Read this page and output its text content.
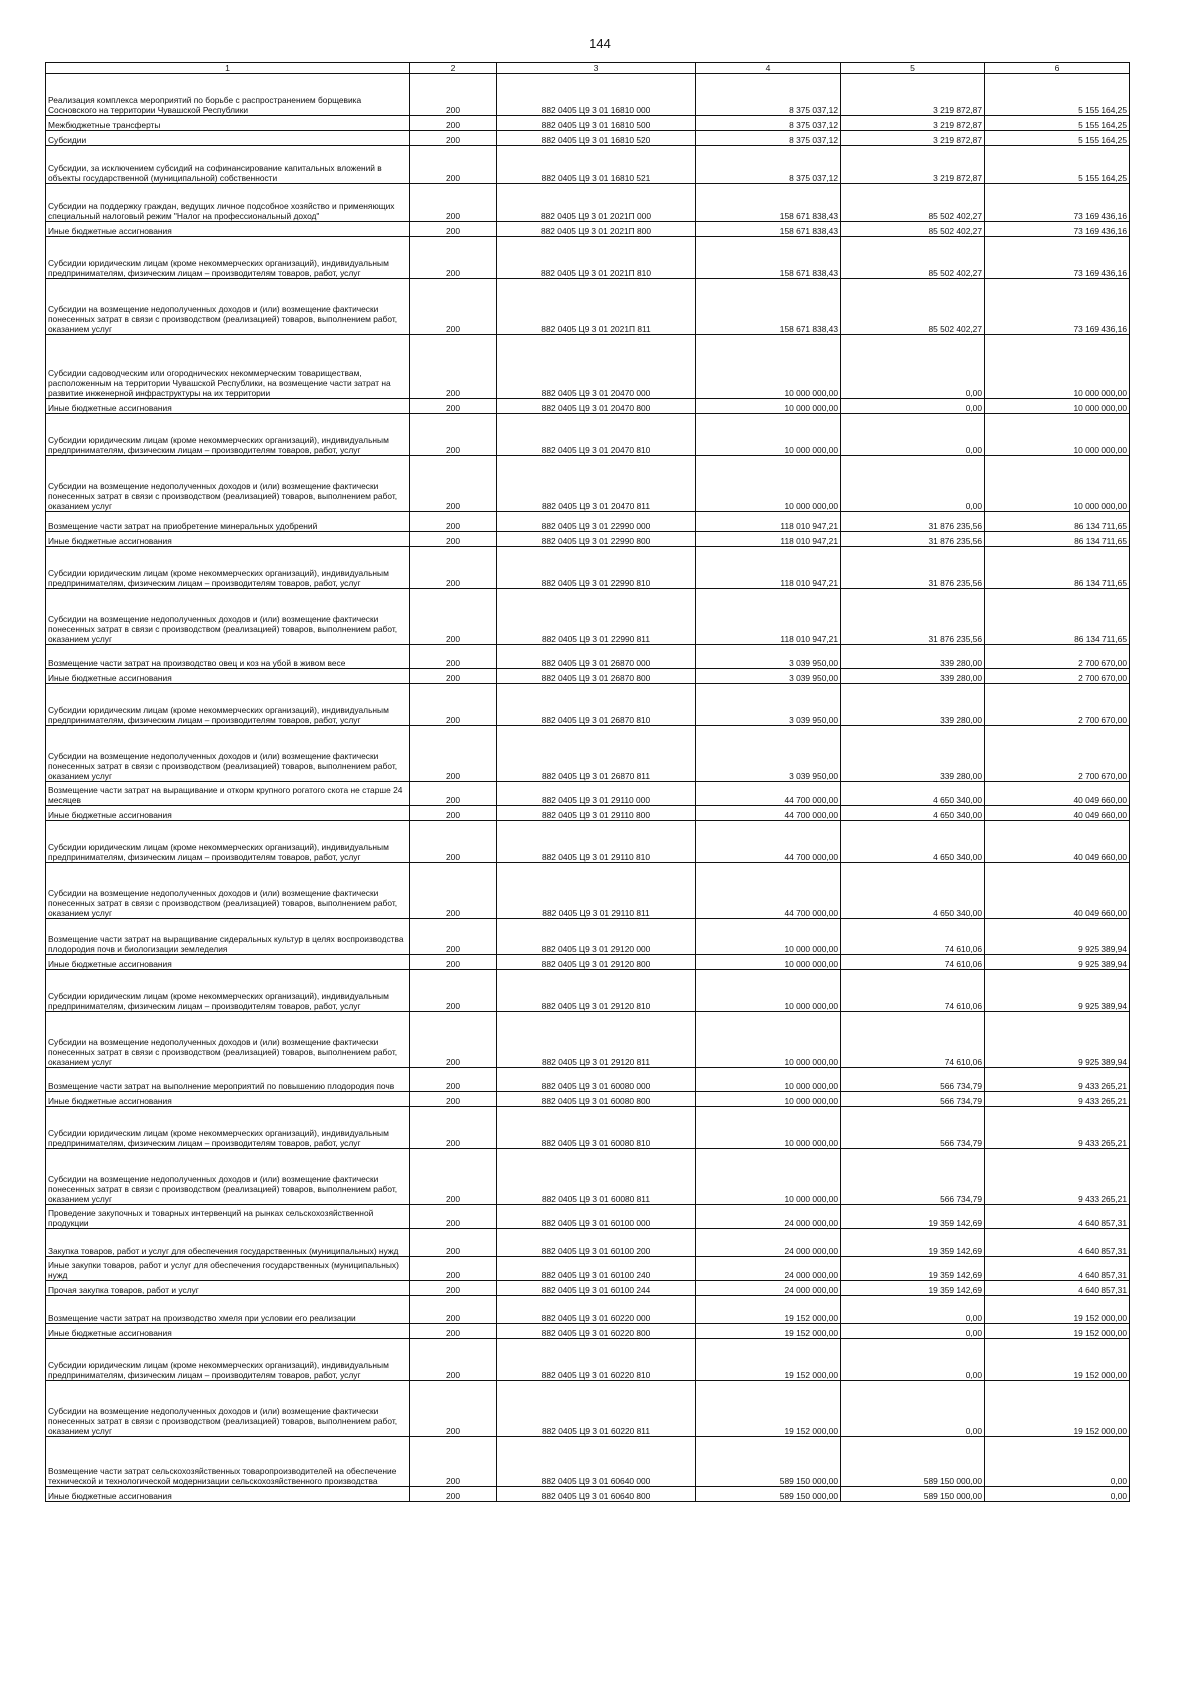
144
1	2	3	4	5	6
Реализация комплекса мероприятий по борьбе с распространением борщевика Сосновского на территории Чувашской Республики	200	882 0405 Ц9 3 01 16810 000	8 375 037,12	3 219 872,87	5 155 164,25
Межбюджетные трансферты	200	882 0405 Ц9 3 01 16810 500	8 375 037,12	3 219 872,87	5 155 164,25
Субсидии	200	882 0405 Ц9 3 01 16810 520	8 375 037,12	3 219 872,87	5 155 164,25
Субсидии, за исключением субсидий на софинансирование капитальных вложений в объекты государственной (муниципальной) собственности	200	882 0405 Ц9 3 01 16810 521	8 375 037,12	3 219 872,87	5 155 164,25
Субсидии на поддержку граждан, ведущих личное подсобное хозяйство и применяющих специальный налоговый режим "Налог на профессиональный доход"	200	882 0405 Ц9 3 01 2021П 000	158 671 838,43	85 502 402,27	73 169 436,16
Иные бюджетные ассигнования	200	882 0405 Ц9 3 01 2021П 800	158 671 838,43	85 502 402,27	73 169 436,16
Субсидии юридическим лицам (кроме некоммерческих организаций), индивидуальным предпринимателям, физическим лицам – производителям товаров, работ, услуг	200	882 0405 Ц9 3 01 2021П 810	158 671 838,43	85 502 402,27	73 169 436,16
Субсидии на возмещение недополученных доходов и (или) возмещение фактически понесенных затрат в связи с производством (реализацией) товаров, выполнением работ, оказанием услуг	200	882 0405 Ц9 3 01 2021П 811	158 671 838,43	85 502 402,27	73 169 436,16
Субсидии садоводческим или огороднических некоммерческим товариществам, расположенным на территории Чувашской Республики, на возмещение части затрат на развитие инженерной инфраструктуры на их территории	200	882 0405 Ц9 3 01 20470 000	10 000 000,00	0,00	10 000 000,00
Иные бюджетные ассигнования	200	882 0405 Ц9 3 01 20470 800	10 000 000,00	0,00	10 000 000,00
Субсидии юридическим лицам (кроме некоммерческих организаций), индивидуальным предпринимателям, физическим лицам – производителям товаров, работ, услуг	200	882 0405 Ц9 3 01 20470 810	10 000 000,00	0,00	10 000 000,00
Субсидии на возмещение недополученных доходов и (или) возмещение фактически понесенных затрат в связи с производством (реализацией) товаров, выполнением работ, оказанием услуг	200	882 0405 Ц9 3 01 20470 811	10 000 000,00	0,00	10 000 000,00
Возмещение части затрат на приобретение минеральных удобрений	200	882 0405 Ц9 3 01 22990 000	118 010 947,21	31 876 235,56	86 134 711,65
Иные бюджетные ассигнования	200	882 0405 Ц9 3 01 22990 800	118 010 947,21	31 876 235,56	86 134 711,65
Субсидии юридическим лицам (кроме некоммерческих организаций), индивидуальным предпринимателям, физическим лицам – производителям товаров, работ, услуг	200	882 0405 Ц9 3 01 22990 810	118 010 947,21	31 876 235,56	86 134 711,65
Субсидии на возмещение недополученных доходов и (или) возмещение фактически понесенных затрат в связи с производством (реализацией) товаров, выполнением работ, оказанием услуг	200	882 0405 Ц9 3 01 22990 811	118 010 947,21	31 876 235,56	86 134 711,65
Возмещение части затрат на производство овец и коз на убой в живом весе	200	882 0405 Ц9 3 01 26870 000	3 039 950,00	339 280,00	2 700 670,00
Иные бюджетные ассигнования	200	882 0405 Ц9 3 01 26870 800	3 039 950,00	339 280,00	2 700 670,00
Субсидии юридическим лицам (кроме некоммерческих организаций), индивидуальным предпринимателям, физическим лицам – производителям товаров, работ, услуг	200	882 0405 Ц9 3 01 26870 810	3 039 950,00	339 280,00	2 700 670,00
Субсидии на возмещение недополученных доходов и (или) возмещение фактически понесенных затрат в связи с производством (реализацией) товаров, выполнением работ, оказанием услуг	200	882 0405 Ц9 3 01 26870 811	3 039 950,00	339 280,00	2 700 670,00
Возмещение части затрат на выращивание и откорм крупного рогатого скота не старше 24 месяцев	200	882 0405 Ц9 3 01 29110 000	44 700 000,00	4 650 340,00	40 049 660,00
Иные бюджетные ассигнования	200	882 0405 Ц9 3 01 29110 800	44 700 000,00	4 650 340,00	40 049 660,00
Субсидии юридическим лицам (кроме некоммерческих организаций), индивидуальным предпринимателям, физическим лицам – производителям товаров, работ, услуг	200	882 0405 Ц9 3 01 29110 810	44 700 000,00	4 650 340,00	40 049 660,00
Субсидии на возмещение недополученных доходов и (или) возмещение фактически понесенных затрат в связи с производством (реализацией) товаров, выполнением работ, оказанием услуг	200	882 0405 Ц9 3 01 29110 811	44 700 000,00	4 650 340,00	40 049 660,00
Возмещение части затрат на выращивание сидеральных культур в целях воспроизводства плодородия почв и биологизации земледелия	200	882 0405 Ц9 3 01 29120 000	10 000 000,00	74 610,06	9 925 389,94
Иные бюджетные ассигнования	200	882 0405 Ц9 3 01 29120 800	10 000 000,00	74 610,06	9 925 389,94
Субсидии юридическим лицам (кроме некоммерческих организаций), индивидуальным предпринимателям, физическим лицам – производителям товаров, работ, услуг	200	882 0405 Ц9 3 01 29120 810	10 000 000,00	74 610,06	9 925 389,94
Субсидии на возмещение недополученных доходов и (или) возмещение фактически понесенных затрат в связи с производством (реализацией) товаров, выполнением работ, оказанием услуг	200	882 0405 Ц9 3 01 29120 811	10 000 000,00	74 610,06	9 925 389,94
Возмещение части затрат на выполнение мероприятий по повышению плодородия почв	200	882 0405 Ц9 3 01 60080 000	10 000 000,00	566 734,79	9 433 265,21
Иные бюджетные ассигнования	200	882 0405 Ц9 3 01 60080 800	10 000 000,00	566 734,79	9 433 265,21
Субсидии юридическим лицам (кроме некоммерческих организаций), индивидуальным предпринимателям, физическим лицам – производителям товаров, работ, услуг	200	882 0405 Ц9 3 01 60080 810	10 000 000,00	566 734,79	9 433 265,21
Субсидии на возмещение недополученных доходов и (или) возмещение фактически понесенных затрат в связи с производством (реализацией) товаров, выполнением работ, оказанием услуг	200	882 0405 Ц9 3 01 60080 811	10 000 000,00	566 734,79	9 433 265,21
Проведение закупочных и товарных интервенций на рынках сельскохозяйственной продукции	200	882 0405 Ц9 3 01 60100 000	24 000 000,00	19 359 142,69	4 640 857,31
Закупка товаров, работ и услуг для обеспечения государственных (муниципальных) нужд	200	882 0405 Ц9 3 01 60100 200	24 000 000,00	19 359 142,69	4 640 857,31
Иные закупки товаров, работ и услуг для обеспечения государственных (муниципальных) нужд	200	882 0405 Ц9 3 01 60100 240	24 000 000,00	19 359 142,69	4 640 857,31
Прочая закупка товаров, работ и услуг	200	882 0405 Ц9 3 01 60100 244	24 000 000,00	19 359 142,69	4 640 857,31
Возмещение части затрат на производство хмеля при условии его реализации	200	882 0405 Ц9 3 01 60220 000	19 152 000,00	0,00	19 152 000,00
Иные бюджетные ассигнования	200	882 0405 Ц9 3 01 60220 800	19 152 000,00	0,00	19 152 000,00
Субсидии юридическим лицам (кроме некоммерческих организаций), индивидуальным предпринимателям, физическим лицам – производителям товаров, работ, услуг	200	882 0405 Ц9 3 01 60220 810	19 152 000,00	0,00	19 152 000,00
Субсидии на возмещение недополученных доходов и (или) возмещение фактически понесенных затрат в связи с производством (реализацией) товаров, выполнением работ, оказанием услуг	200	882 0405 Ц9 3 01 60220 811	19 152 000,00	0,00	19 152 000,00
Возмещение части затрат сельскохозяйственных товаропроизводителей на обеспечение технической и технологической модернизации сельскохозяйственного производства	200	882 0405 Ц9 3 01 60640 000	589 150 000,00	589 150 000,00	0,00
Иные бюджетные ассигнования	200	882 0405 Ц9 3 01 60640 800	589 150 000,00	589 150 000,00	0,00
